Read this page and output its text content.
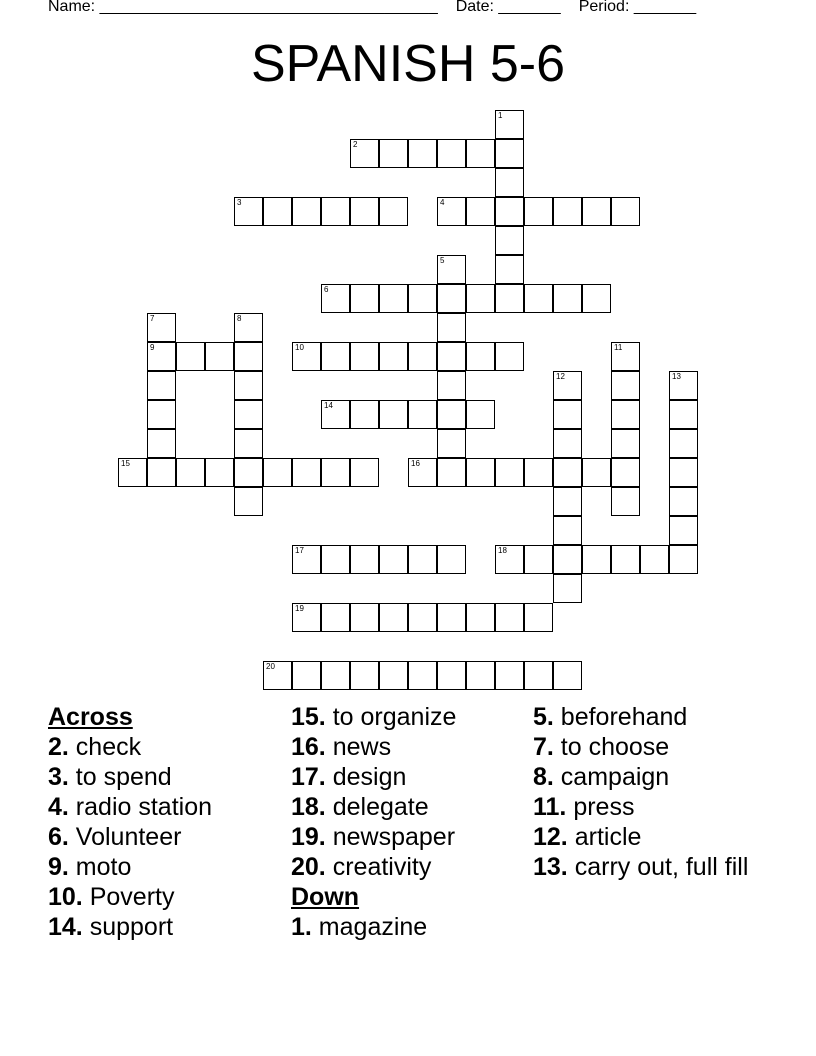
Name: ______________________________________ Date: _______ Period: _______
SPANISH 5-6
2
3	4
6
9	10
14
15	16
17	18
19
20
1
5
7	8
11
12	13
Across
2. check
3. to spend
4. radio station
6. Volunteer
9. moto
10. Poverty
14. support
15. to organize
16. news
17. design
18. delegate
19. newspaper
20. creativity
Down
1. magazine
5. beforehand
7. to choose
8. campaign
11. press
12. article
13. carry out, full fill
